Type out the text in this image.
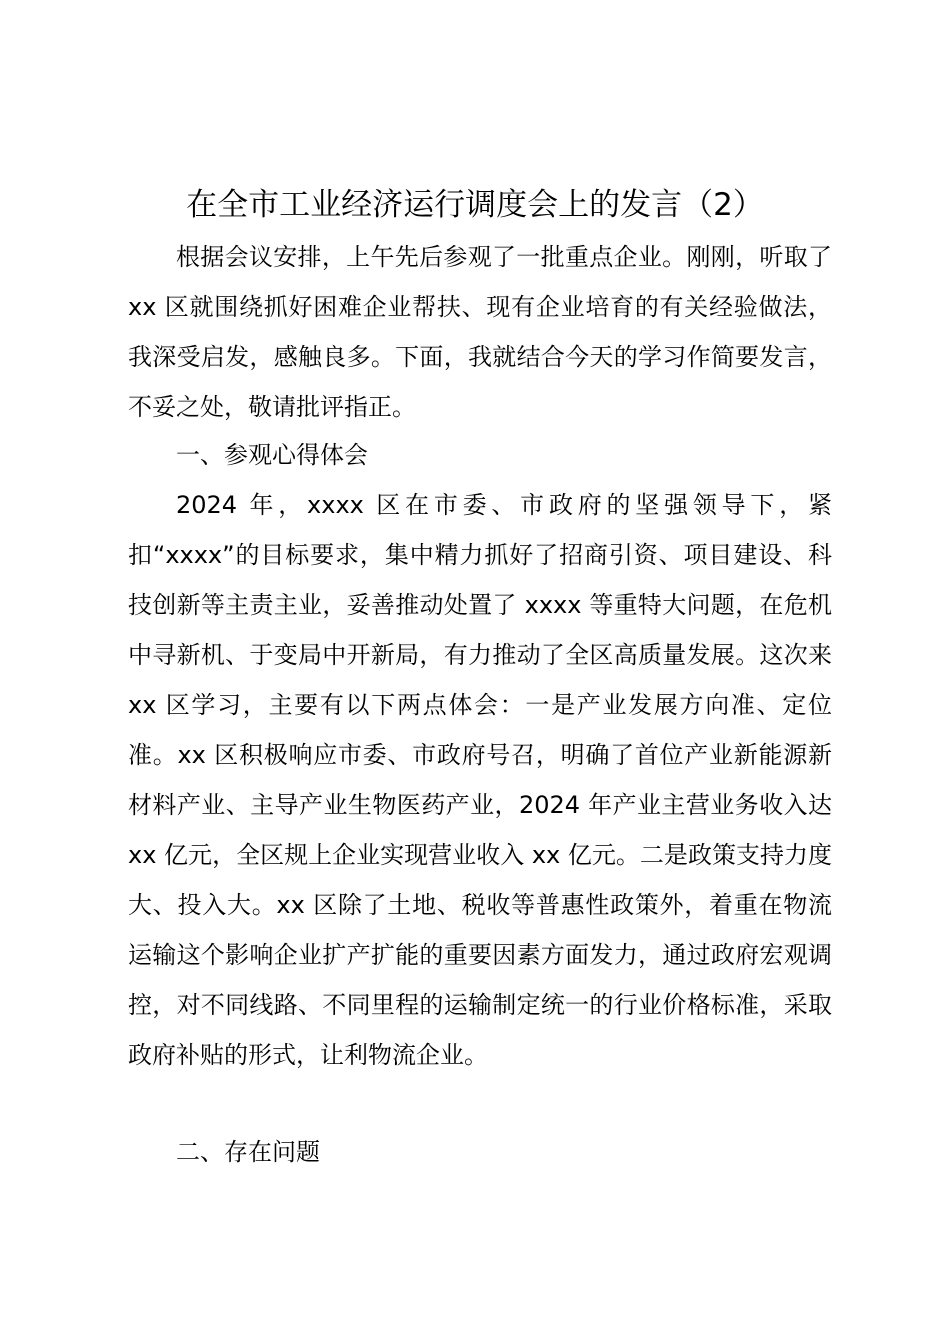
在全市工业经济运行调度会上的发言（2）

根据会议安排，上午先后参观了一批重点企业。刚刚，听取了 xx 区就围绕抓好困难企业帮扶、现有企业培育的有关经验做法，我深受启发，感触良多。下面，我就结合今天的学习作简要发言，不妥之处，敬请批评指正。

一、参观心得体会

2024 年，xxxx 区在市委、市政府的坚强领导下，紧扣“xxxx”的目标要求，集中精力抓好了招商引资、项目建设、科技创新等主责主业，妥善推动处置了 xxxx 等重特大问题，在危机中寻新机、于变局中开新局，有力推动了全区高质量发展。这次来 xx 区学习，主要有以下两点体会：一是产业发展方向准、定位准。xx 区积极响应市委、市政府号召，明确了首位产业新能源新材料产业、主导产业生物医药产业，2024 年产业主营业务收入达 xx 亿元，全区规上企业实现营业收入 xx 亿元。二是政策支持力度大、投入大。xx 区除了土地、税收等普惠性政策外，着重在物流运输这个影响企业扩产扩能的重要因素方面发力，通过政府宏观调控，对不同线路、不同里程的运输制定统一的行业价格标准，采取政府补贴的形式，让利物流企业。

二、存在问题
